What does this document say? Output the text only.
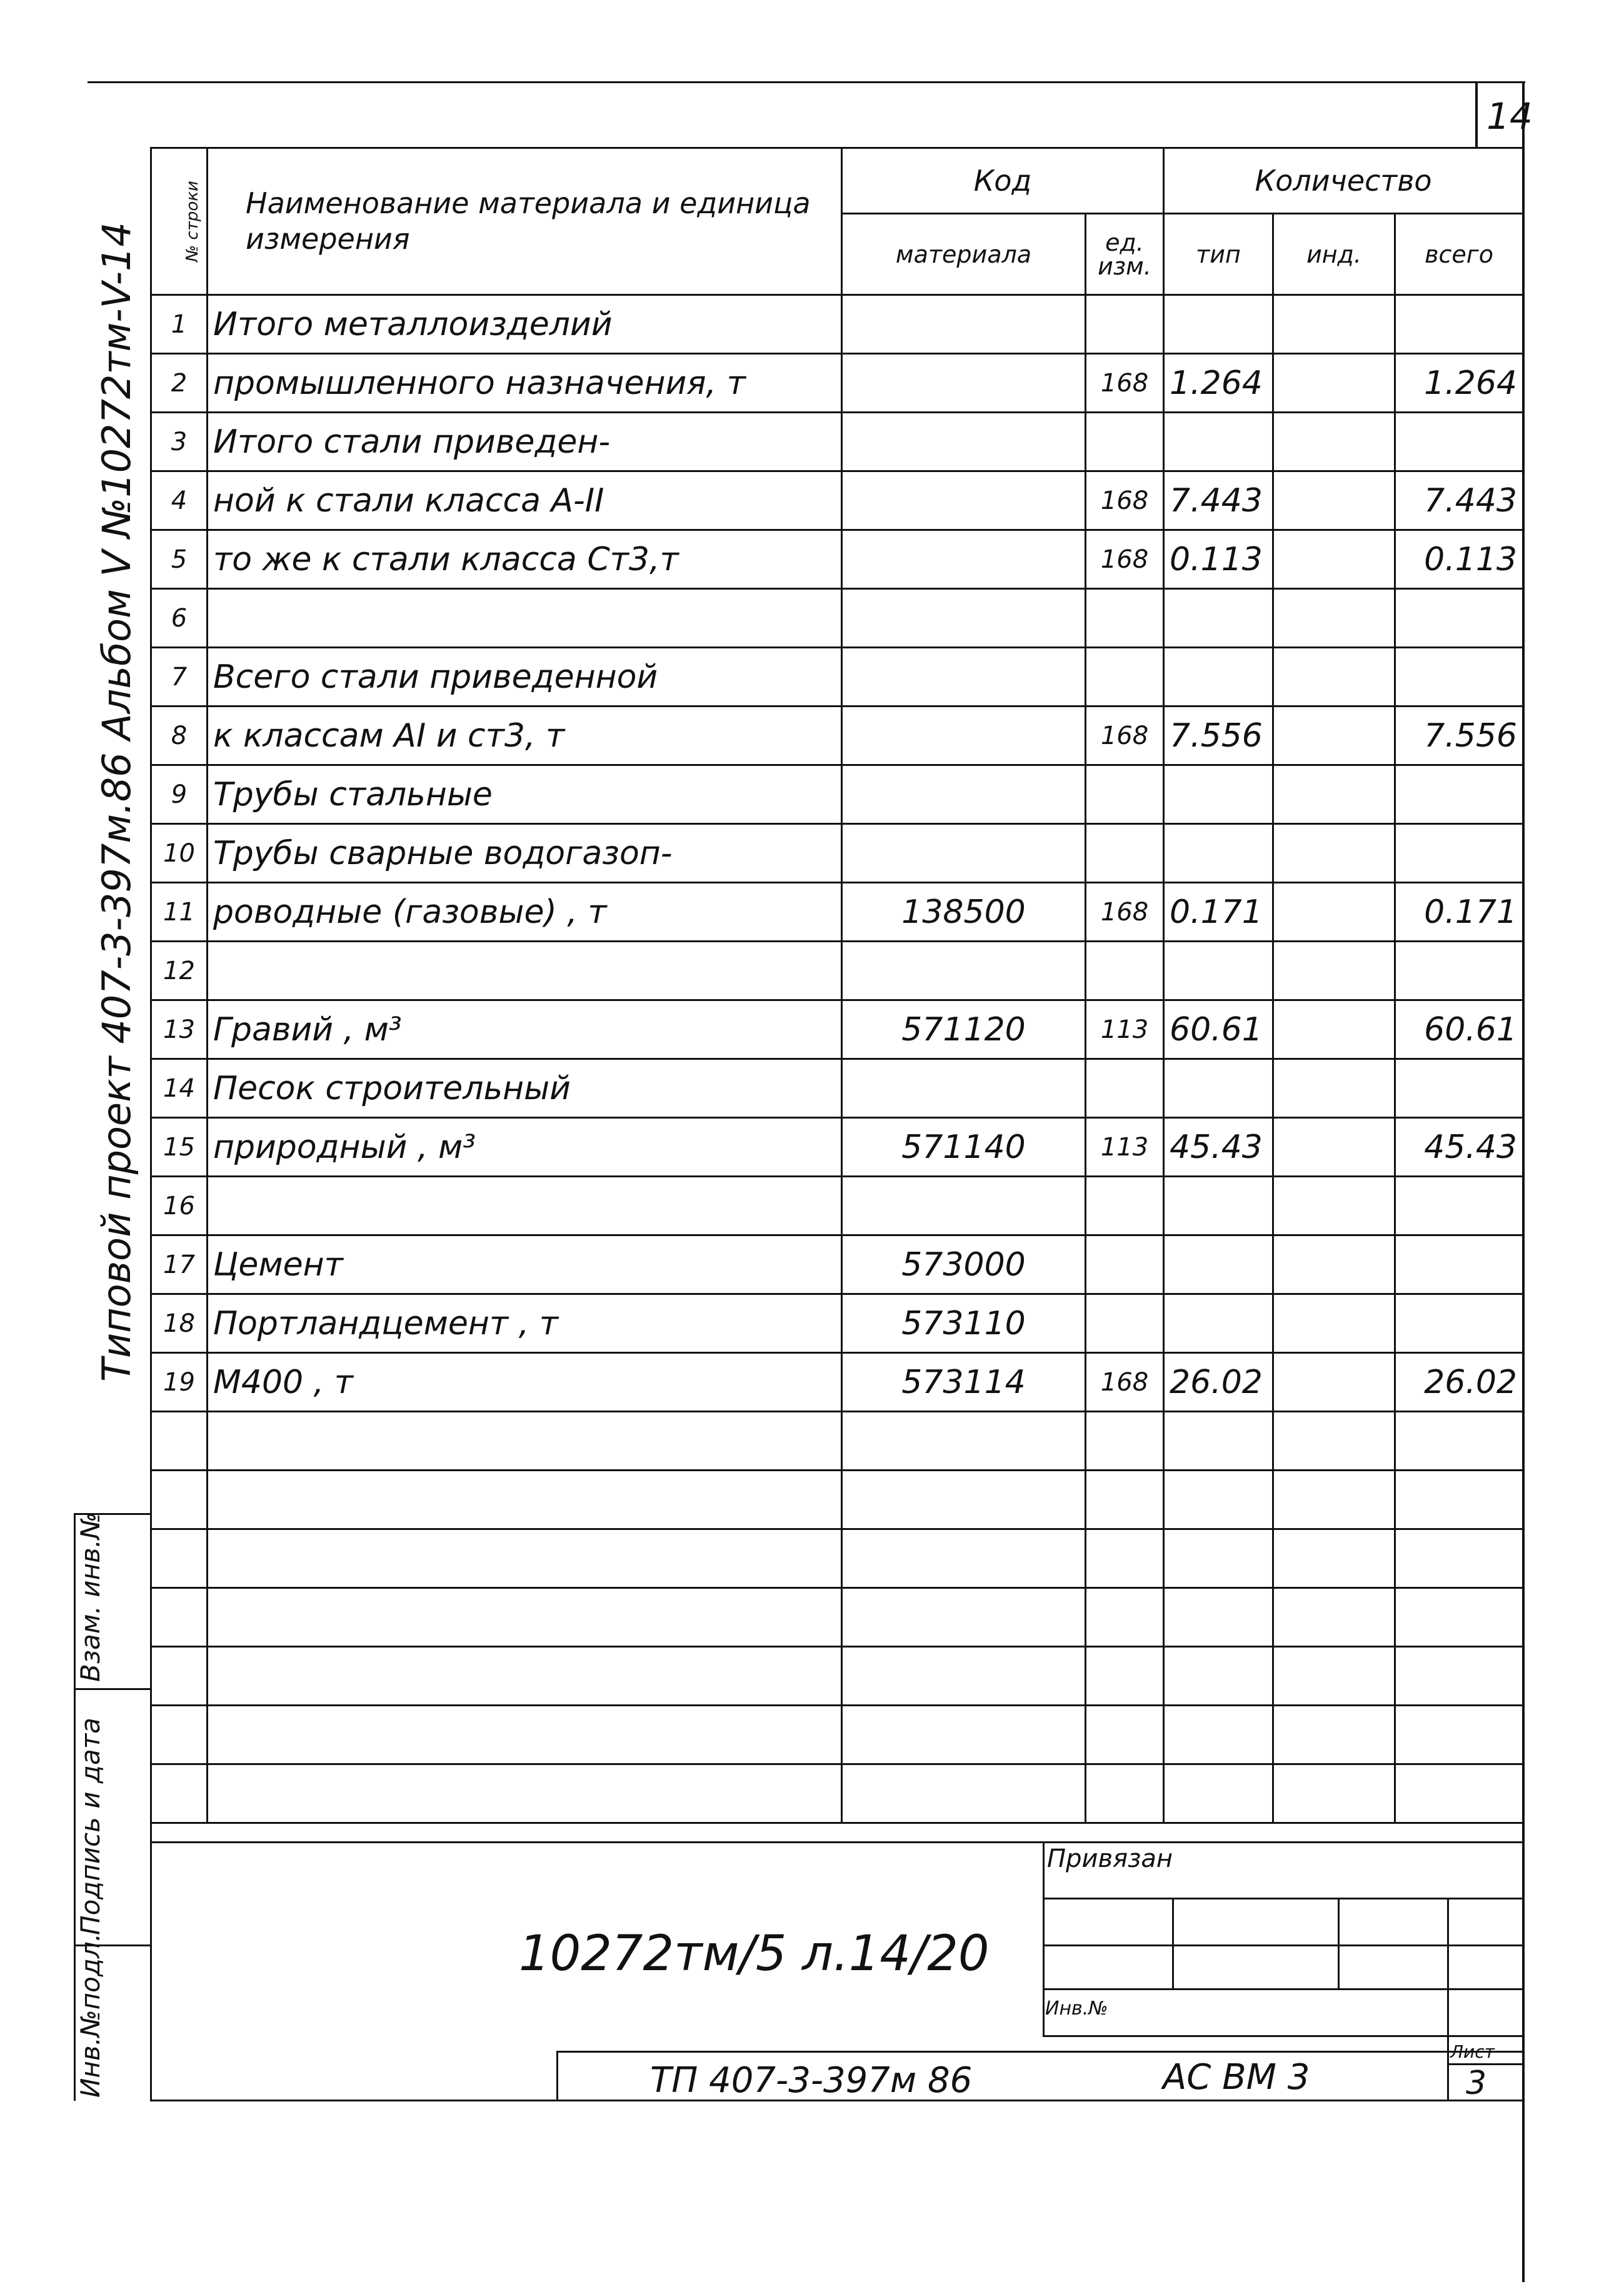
14
Типовой проект 407-3-397м.86 Альбом V №10272тм-V-14
Инв.№подл.
Подпись и дата
Взам. инв.№
№ строки	Наименование материала и единица измерения	Код		Количество		
		материала	ед. изм.	тип	инд.	всего
1	Итого металлоизделий					
2	промышленного назначения, т		168	1.264		1.264
3	Итого стали приведен-					
4	ной к стали класса А-II		168	7.443		7.443
5	то же к стали класса Ст3,т		168	0.113		0.113
6						
7	Всего стали приведенной					
8	к классам АI и ст3, т		168	7.556		7.556
9	Трубы стальные					
10	Трубы сварные водогазоп-					
11	роводные (газовые) , т	138500	168	0.171		0.171
12						
13	Гравий , м³	571120	113	60.61		60.61
14	Песок строительный					
15	природный , м³	571140	113	45.43		45.43
16						
17	Цемент	573000				
18	Портландцемент , т	573110				
19	М400 , т	573114	168	26.02		26.02

Привязан
Инв.№
10272тм/5 л.14/20
ТП 407-3-397м 86	АС ВМ 3
Лист
3
